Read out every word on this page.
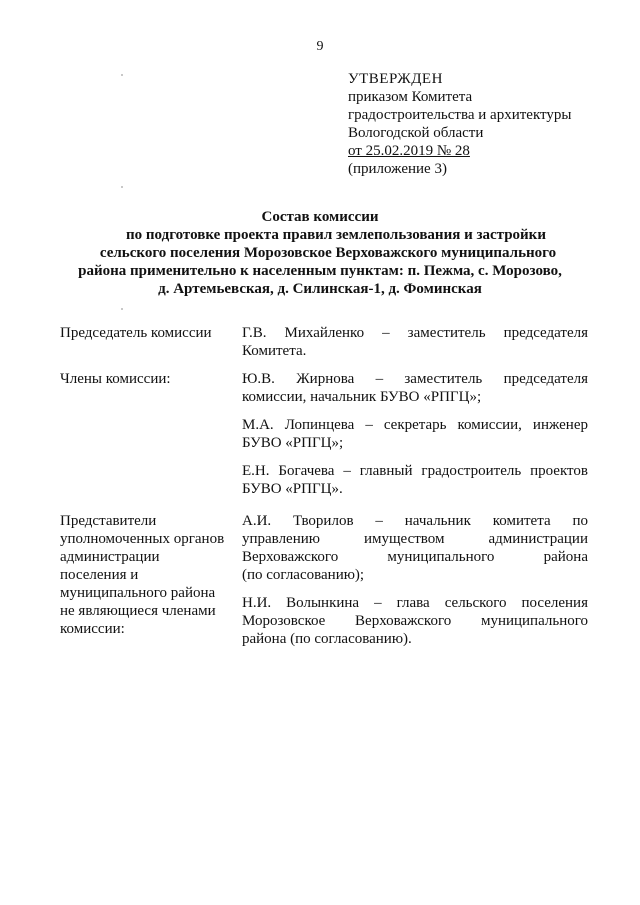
9
УТВЕРЖДЕН
приказом Комитета
градостроительства и архитектуры
Вологодской области
от 25.02.2019 № 28
(приложение 3)
Состав комиссии
по подготовке проекта правил землепользования и застройки
сельского поселения Морозовское Верховажского муниципального
района применительно к населенным пунктам: п. Пежма, с. Морозово,
д. Артемьевская, д. Силинская-1, д. Фоминская
Председатель комиссии	Г.В. Михайленко – заместитель председателя
Комитета.
Члены комиссии:	Ю.В. Жирнова – заместитель председателя
комиссии, начальник БУВО «РПГЦ»;
М.А. Лопинцева – секретарь комиссии, инженер
БУВО «РПГЦ»;
Е.Н. Богачева – главный градостроитель проектов
БУВО «РПГЦ».
Представители
уполномоченных органов
администрации
поселения и
муниципального района
не являющиеся членами
комиссии:
А.И. Творилов – начальник комитета по
управлению имуществом администрации
Верховажского муниципального района
(по согласованию);
Н.И. Волынкина – глава сельского поселения
Морозовское Верховажского муниципального
района (по согласованию).
